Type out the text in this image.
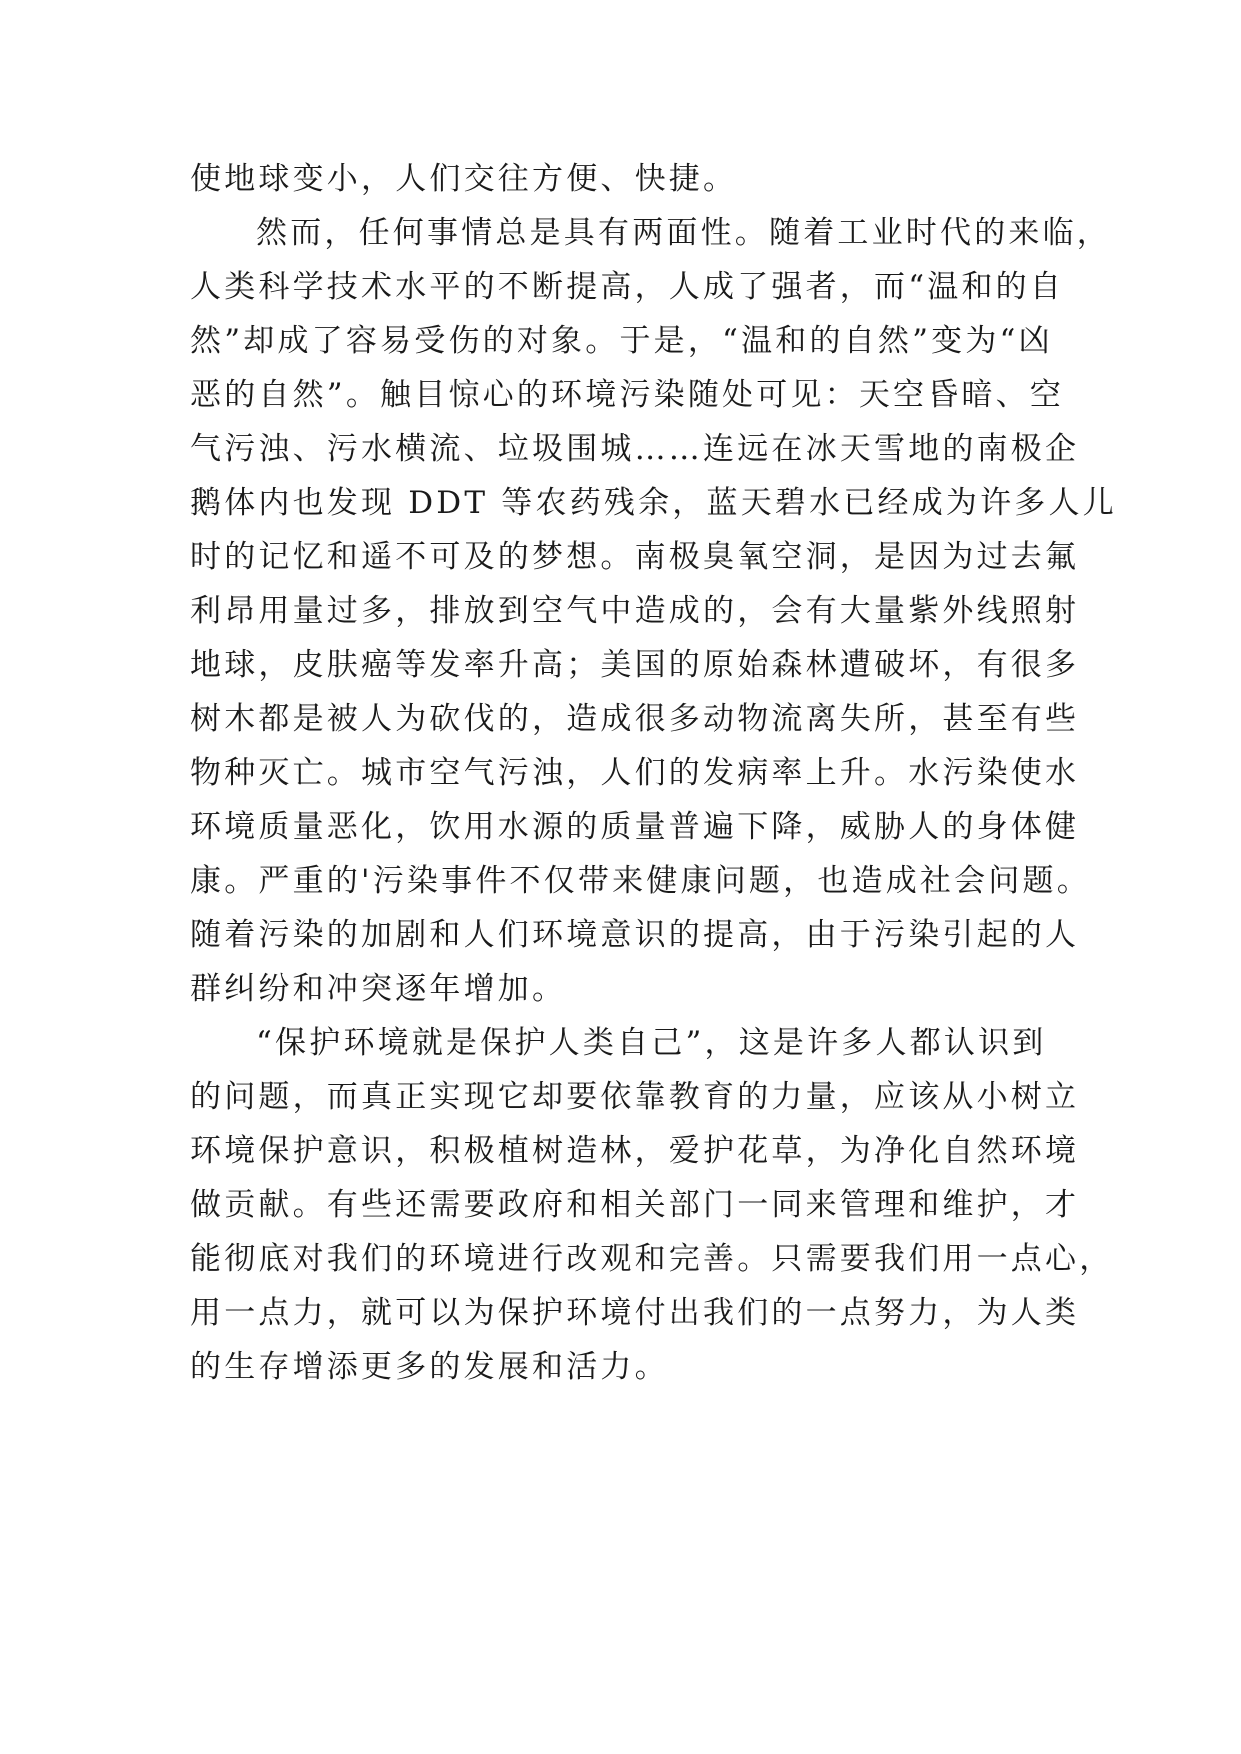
使地球变小，人们交往方便、快捷。
然而，任何事情总是具有两面性。随着工业时代的来临，
人类科学技术水平的不断提高，人成了强者，而“温和的自
然”却成了容易受伤的对象。于是，“温和的自然”变为“凶
恶的自然”。触目惊心的环境污染随处可见：天空昏暗、空
气污浊、污水横流、垃圾围城……连远在冰天雪地的南极企
鹅体内也发现 DDT 等农药残余，蓝天碧水已经成为许多人儿
时的记忆和遥不可及的梦想。南极臭氧空洞，是因为过去氟
利昂用量过多，排放到空气中造成的，会有大量紫外线照射
地球，皮肤癌等发率升高；美国的原始森林遭破坏，有很多
树木都是被人为砍伐的，造成很多动物流离失所，甚至有些
物种灭亡。城市空气污浊，人们的发病率上升。水污染使水
环境质量恶化，饮用水源的质量普遍下降，威胁人的身体健
康。严重的'污染事件不仅带来健康问题，也造成社会问题。
随着污染的加剧和人们环境意识的提高，由于污染引起的人
群纠纷和冲突逐年增加。
“保护环境就是保护人类自己”，这是许多人都认识到
的问题，而真正实现它却要依靠教育的力量，应该从小树立
环境保护意识，积极植树造林，爱护花草，为净化自然环境
做贡献。有些还需要政府和相关部门一同来管理和维护，才
能彻底对我们的环境进行改观和完善。只需要我们用一点心，
用一点力，就可以为保护环境付出我们的一点努力，为人类
的生存增添更多的发展和活力。
